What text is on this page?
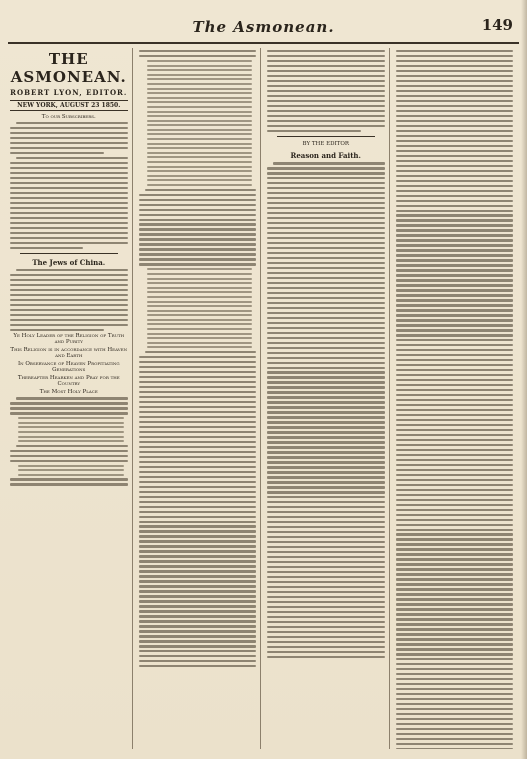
The Asmonean.	149
THE ASMONEAN.
ROBERT LYON, EDITOR.
NEW YORK, AUGUST 23 1850.
To our Subscribers.
The Jews of China.
Ye Holy Leader of the Religion of Truth and Purity
This Religion is in accordance with Heaven and Earth
In Observance of Heaven Propitiating Generations
Thereafter Hearken and Pray for the Country
The Most Holy Place
BY THE EDITOR
Reason and Faith.
